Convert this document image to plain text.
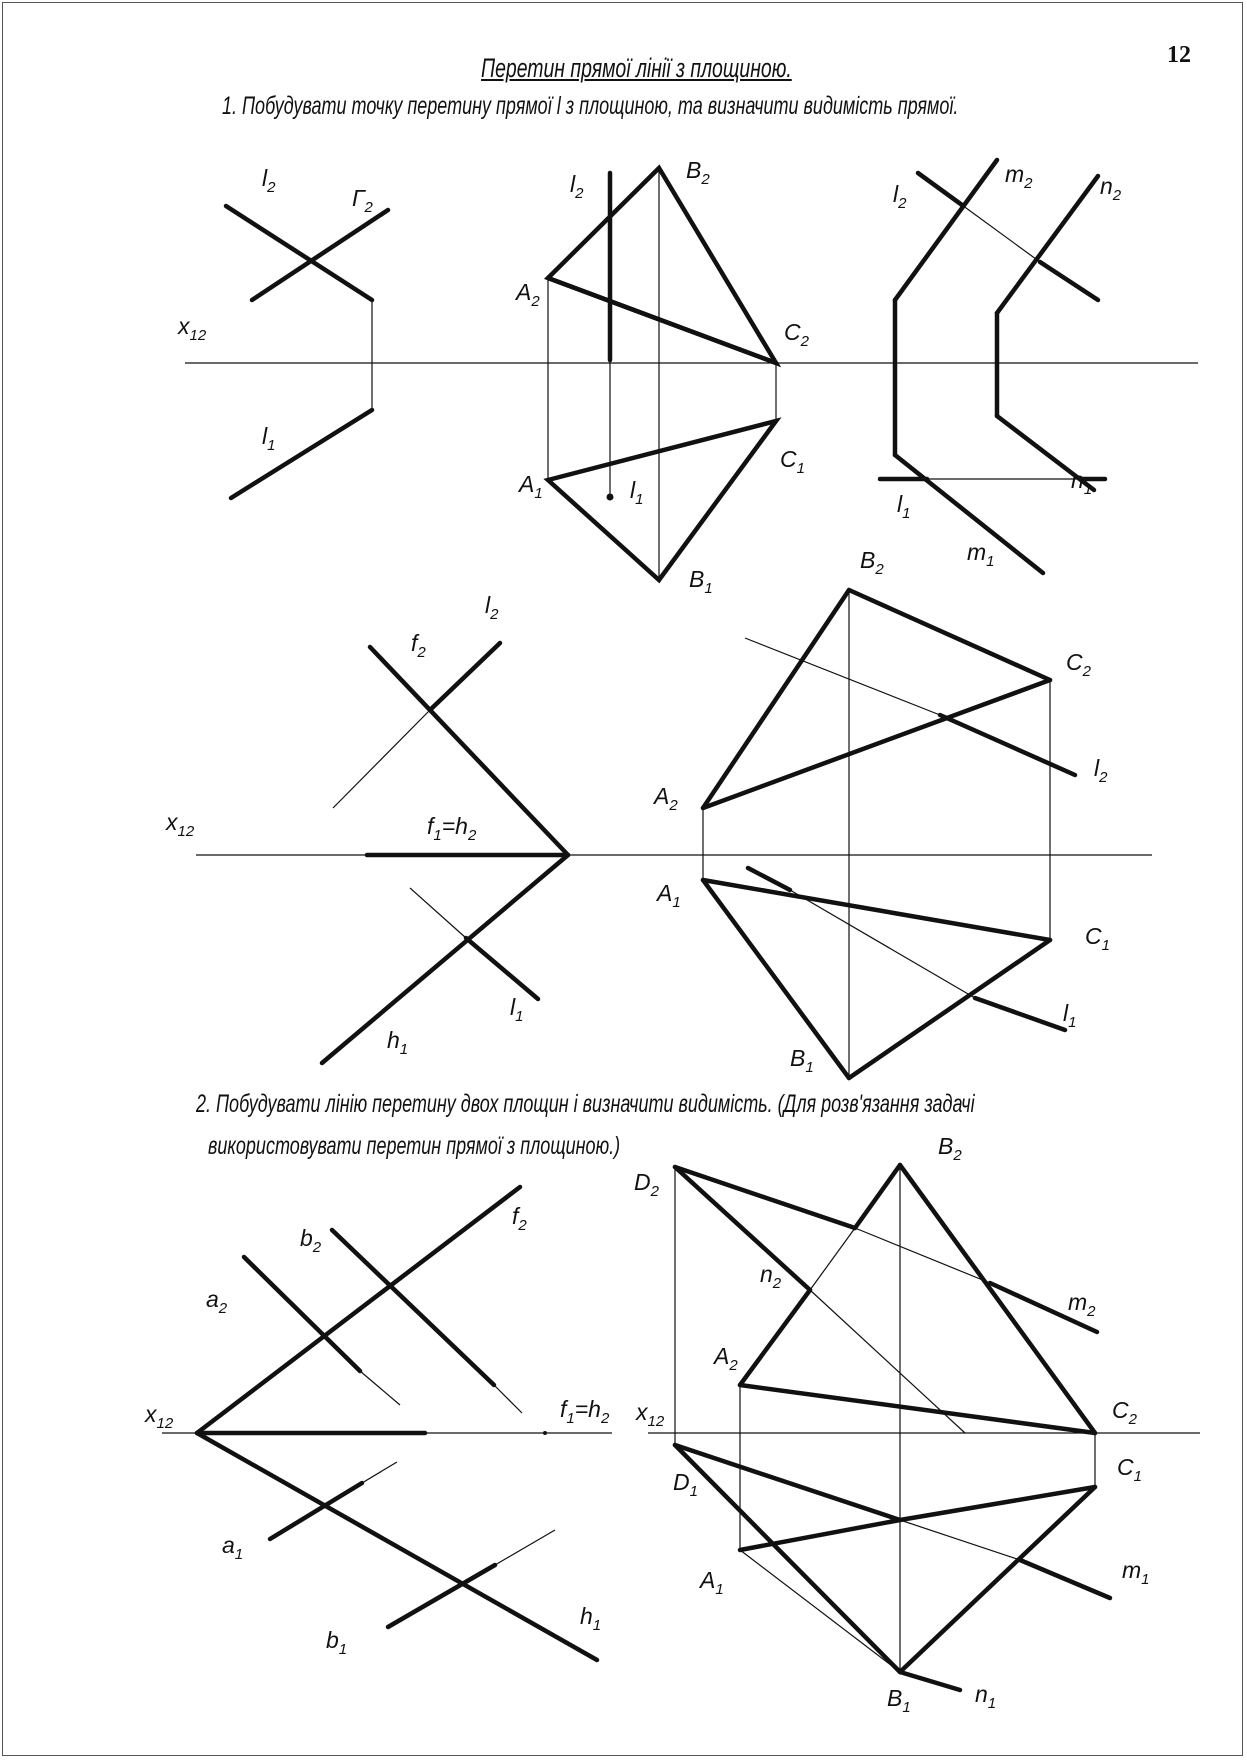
12
Перетин прямої лінії з площиною.
1. Побудувати точку перетину прямої l з площиною, та визначити видимість прямої.
2. Побудувати лінію перетину двох площин і визначити видимість. (Для розв'язання задачі
використовувати перетин прямої з площиною.)
$l_2$	$Г_2$
$l_1$
$x_{12}$
$l_2$
$B_2$
$A_2$
$C_2$
$C_1$
$A_1$	$l_1$
$B_1$
$l_2$
$m_2$	$n_2$
$l_1$
$n_1$
$m_1$
$l_2$
$f_2$
$x_{12}$	$f_1=h_2$
$l_1$
$h_1$
$B_2$
$C_2$
$l_2$
$A_2$
$A_1$
$C_1$
$l_1$
$B_1$
$B_2$
$D_2$
$n_2$
$m_2$
$A_2$
$x_{12}$	$C_2$
$C_1$
$D_1$
$m_1$
$A_1$
$B_1$
$n_1$
$f_2$
$b_2$
$a_2$
$x_{12}$
$f_1=h_2$
$a_1$
$h_1$
$b_1$
